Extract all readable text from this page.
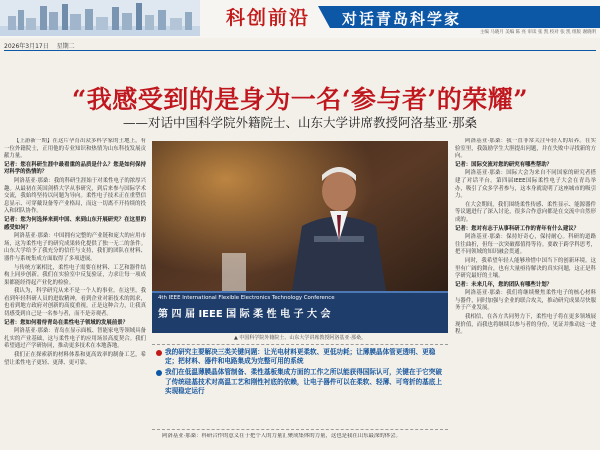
科创前沿 对话青岛科学家
主编 马晓月 美编 陈 亮 审读 张 凯 校对 张 凯 组版 谢晓明
2026年3月17日 星期二
“我感受到的是身为一名‘参与者’的荣耀”
——对话中国科学院外籍院士、山东大学讲席教授阿洛基亚·那桑

【上游新一期】在这片孕育出众多科学家的土地上，有一位外籍院士，正用他的专业知识和热情为山东科技发展贡献力量。

记者：您在科研生涯中最看重的品质是什么？您是如何保持对科学的热情的？

阿洛基亚·那桑：我的科研生涯始于对柔性电子的浓厚兴趣。从最初在英国剑桥大学从事研究，到后来参与国际学术交流，我始终坚持以问题为导向。柔性电子技术正在重塑信息显示、可穿戴设备等产业格局，而这一切离不开持续的投入和团队协作。

记者：您为何选择来到中国、来到山东开展研究？在这里的感受如何？

阿洛基亚·那桑：中国拥有完整的产业链和庞大的应用市场，这为柔性电子的研究成果转化提供了独一无二的条件。山东大学给予了我充分的信任与支持，我们的团队在材料、器件与系统集成方面取得了多项进展。

与传统方案相比，柔性电子需要在材料、工艺和器件结构上同步创新。我们在实验室中反复验证，力求让每一项成果都能经得起产业化的检验。

我认为，科学研究从来不是一个人的事业。在这里，我看到年轻科研人员的进取精神，看到企业对新技术的渴求，也看到地方政府对创新的高度重视。正是这种合力，让我真切感受到自己是一名参与者，而不是旁观者。

记者：您如何看待青岛在柔性电子领域的发展前景？

阿洛基亚·那桑：青岛在显示面板、智能家电等领域具备扎实的产业基础，这与柔性电子的应用场景高度契合。我们希望通过产学研协同，推动更多技术在本地落地。

我们正在探索新的材料体系和更高效率的制备工艺，希望让柔性电子更轻、更薄、更可靠。

4th IEEE International Flexible Electronics Technology Conference
第 四 届 IEEE 国 际 柔 性 电 子 大 会
▲ 中国科学院外籍院士、山东大学讲席教授阿洛基亚·那桑。
我的研究主要解决三类关键问题：让光电材料更柔软、更低功耗；让薄膜晶体管更透明、更稳定；把材料、器件和电路集成为完整可用的系统
我们在低温薄膜晶体管制备、柔性基板集成方面的工作之所以能获得国际认可，关键在于它突破了传统硅基技术对高温工艺和刚性衬底的依赖，让电子器件可以在柔软、轻薄、可弯折的基底上实现稳定运行

阿洛基亚·那桑：科研合作的意义在于把个人的力量汇聚成集体的力量，这也是我在山东最深的体会。

阿洛基亚·那桑：我一直非常关注年轻人的培养。在实验室里，我鼓励学生大胆提出问题，并在失败中寻找新的方向。

记者：国际交流对您的研究有哪些帮助？

阿洛基亚·那桑：国际大会为来自不同国家的研究者搭建了对话平台。第四届IEEE国际柔性电子大会在青岛举办，吸引了众多学者参与，这本身就说明了这座城市的吸引力。

在大会期间，我们围绕柔性传感、柔性显示、能源器件等议题进行了深入讨论，很多合作意向都是在交流中自然形成的。

记者：您对有志于从事科研工作的青年有什么建议？

阿洛基亚·那桑：保持好奇心，保持耐心。科研的道路往往曲折，但每一次突破都值得等待。要敢于跨学科思考，把不同领域的知识融会贯通。

同时，我希望年轻人能够珍惜中国当下的创新环境。这里有广阔的舞台，也有大量亟待解决的真实问题，这正是科学研究最好的土壤。

记者：未来几年，您的团队有哪些计划？

阿洛基亚·那桑：我们将继续聚焦柔性电子的核心材料与器件，同时加强与企业的联合攻关，推动研究成果尽快服务于产业发展。

我相信，在各方共同努力下，柔性电子将在更多领域展现价值，而我也将继续以参与者的身份，见证并推动这一进程。
